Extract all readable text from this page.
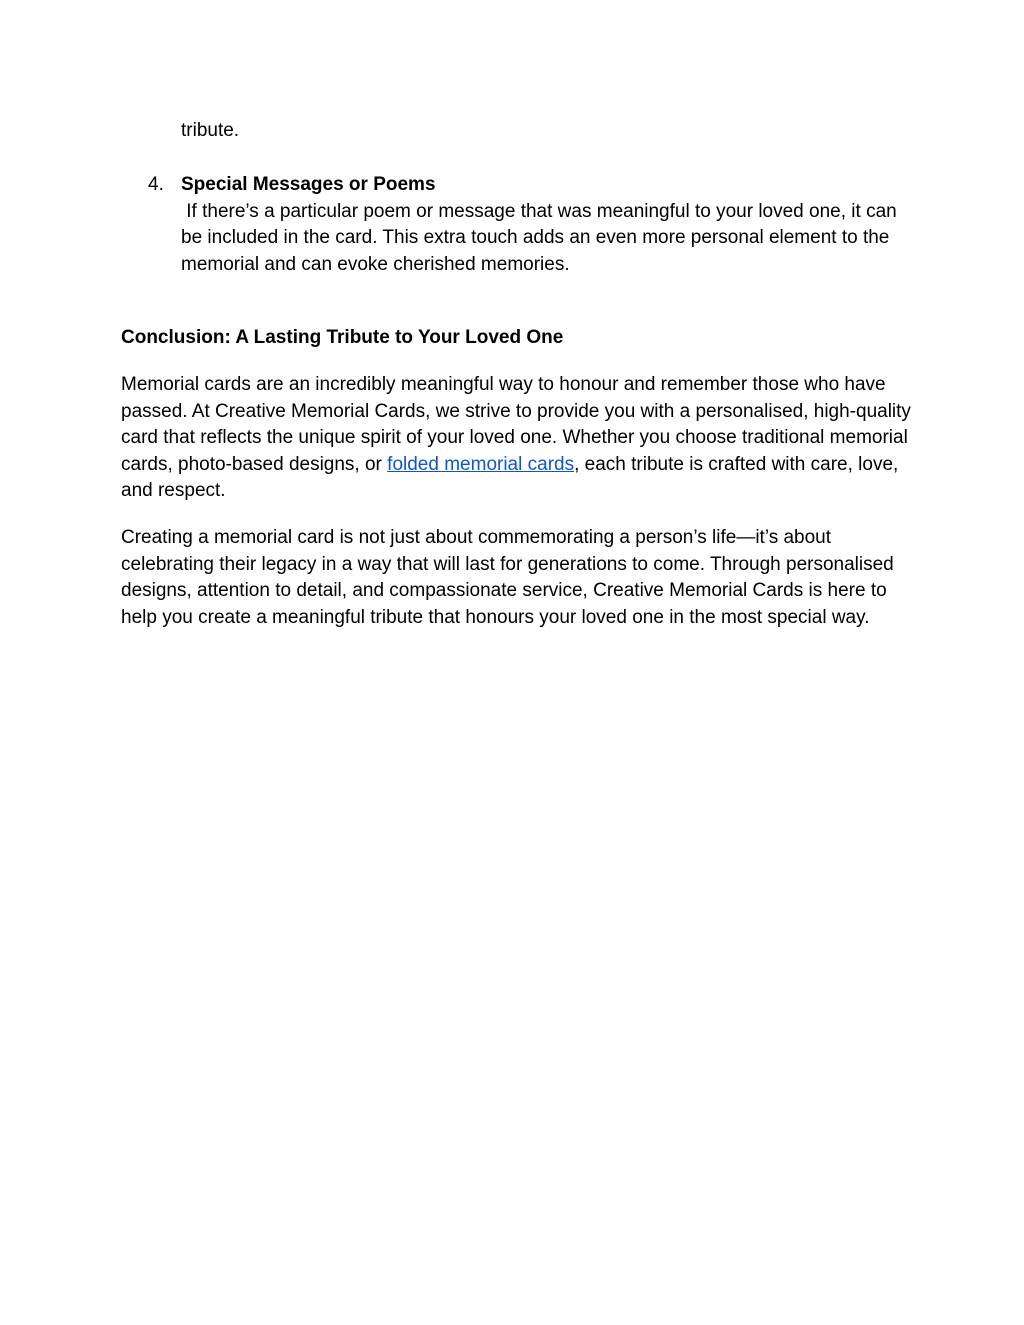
tribute.

4. Special Messages or Poems

If there’s a particular poem or message that was meaningful to your loved one, it can be included in the card. This extra touch adds an even more personal element to the memorial and can evoke cherished memories.

Conclusion: A Lasting Tribute to Your Loved One

Memorial cards are an incredibly meaningful way to honour and remember those who have passed. At Creative Memorial Cards, we strive to provide you with a personalised, high-quality card that reflects the unique spirit of your loved one. Whether you choose traditional memorial cards, photo-based designs, or folded memorial cards, each tribute is crafted with care, love, and respect.

Creating a memorial card is not just about commemorating a person’s life—it’s about celebrating their legacy in a way that will last for generations to come. Through personalised designs, attention to detail, and compassionate service, Creative Memorial Cards is here to help you create a meaningful tribute that honours your loved one in the most special way.
